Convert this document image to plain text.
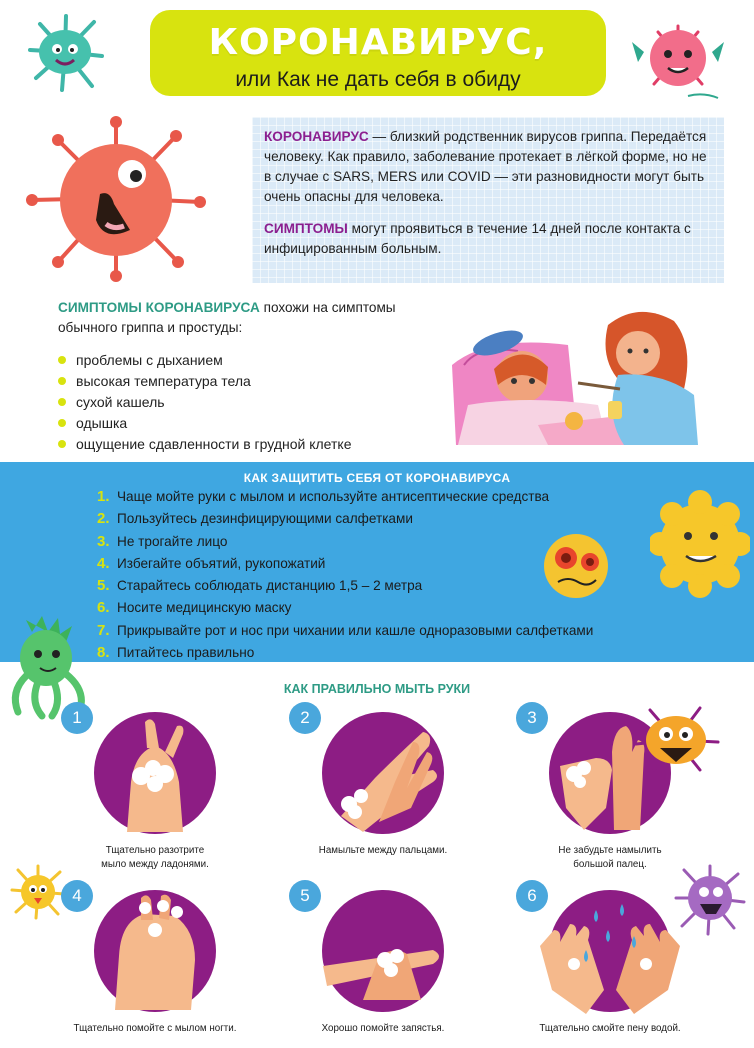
КОРОНАВИРУС,
или Как не дать себя в обиду

КОРОНАВИРУС — близкий родственник вирусов гриппа. Передаётся человеку. Как правило, заболевание протекает в лёгкой форме, но не в случае с SARS, MERS или COVID — эти разновидности могут быть очень опасны для человека.

СИМПТОМЫ могут проявиться в течение 14 дней после контакта с инфицированным больным.

СИМПТОМЫ КОРОНАВИРУСА похожи на симптомы обычного гриппа и простуды:
проблемы с дыханием
высокая температура тела
сухой кашель
одышка
ощущение сдавленности в грудной клетке
КАК ЗАЩИТИТЬ СЕБЯ ОТ КОРОНАВИРУСА
1. Чаще мойте руки с мылом и используйте антисептические средства
2. Пользуйтесь дезинфицирующими салфетками
3. Не трогайте лицо
4. Избегайте объятий, рукопожатий
5. Старайтесь соблюдать дистанцию 1,5 – 2 метра
6. Носите медицинскую маску
7. Прикрывайте рот и нос при чихании или кашле одноразовыми салфетками
8. Питайтесь правильно
КАК ПРАВИЛЬНО МЫТЬ РУКИ
1
Тщательно разотрите
мыло между ладонями.
2
Намыльте между пальцами.
3
Не забудьте намылить
большой палец.
4
Тщательно помойте с мылом ногти.
5
Хорошо помойте запястья.
6
Тщательно смойте пену водой.
